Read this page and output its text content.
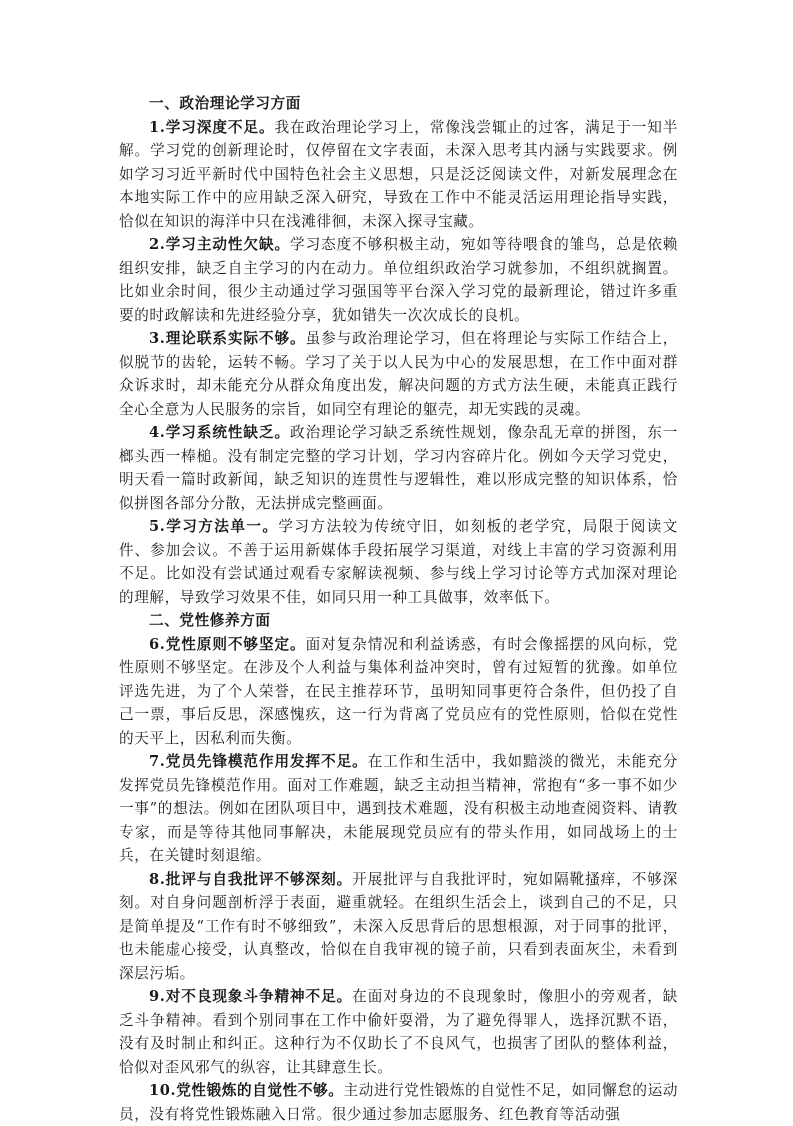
一、政治理论学习方面

1.学习深度不足。我在政治理论学习上，常像浅尝辄止的过客，满足于一知半解。学习党的创新理论时，仅停留在文字表面，未深入思考其内涵与实践要求。例如学习习近平新时代中国特色社会主义思想，只是泛泛阅读文件，对新发展理念在本地实际工作中的应用缺乏深入研究，导致在工作中不能灵活运用理论指导实践，恰似在知识的海洋中只在浅滩徘徊，未深入探寻宝藏。

2.学习主动性欠缺。学习态度不够积极主动，宛如等待喂食的雏鸟，总是依赖组织安排，缺乏自主学习的内在动力。单位组织政治学习就参加，不组织就搁置。比如业余时间，很少主动通过学习强国等平台深入学习党的最新理论，错过许多重要的时政解读和先进经验分享，犹如错失一次次成长的良机。

3.理论联系实际不够。虽参与政治理论学习，但在将理论与实际工作结合上，似脱节的齿轮，运转不畅。学习了关于以人民为中心的发展思想，在工作中面对群众诉求时，却未能充分从群众角度出发，解决问题的方式方法生硬，未能真正践行全心全意为人民服务的宗旨，如同空有理论的躯壳，却无实践的灵魂。

4.学习系统性缺乏。政治理论学习缺乏系统性规划，像杂乱无章的拼图，东一榔头西一棒槌。没有制定完整的学习计划，学习内容碎片化。例如今天学习党史，明天看一篇时政新闻，缺乏知识的连贯性与逻辑性，难以形成完整的知识体系，恰似拼图各部分分散，无法拼成完整画面。

5.学习方法单一。学习方法较为传统守旧，如刻板的老学究，局限于阅读文件、参加会议。不善于运用新媒体手段拓展学习渠道，对线上丰富的学习资源利用不足。比如没有尝试通过观看专家解读视频、参与线上学习讨论等方式加深对理论的理解，导致学习效果不佳，如同只用一种工具做事，效率低下。

二、党性修养方面

6.党性原则不够坚定。面对复杂情况和利益诱惑，有时会像摇摆的风向标，党性原则不够坚定。在涉及个人利益与集体利益冲突时，曾有过短暂的犹豫。如单位评选先进，为了个人荣誉，在民主推荐环节，虽明知同事更符合条件，但仍投了自己一票，事后反思，深感愧疚，这一行为背离了党员应有的党性原则，恰似在党性的天平上，因私利而失衡。

7.党员先锋模范作用发挥不足。在工作和生活中，我如黯淡的微光，未能充分发挥党员先锋模范作用。面对工作难题，缺乏主动担当精神，常抱有“多一事不如少一事”的想法。例如在团队项目中，遇到技术难题，没有积极主动地查阅资料、请教专家，而是等待其他同事解决，未能展现党员应有的带头作用，如同战场上的士兵，在关键时刻退缩。

8.批评与自我批评不够深刻。开展批评与自我批评时，宛如隔靴搔痒，不够深刻。对自身问题剖析浮于表面，避重就轻。在组织生活会上，谈到自己的不足，只是简单提及“工作有时不够细致”，未深入反思背后的思想根源，对于同事的批评，也未能虚心接受，认真整改，恰似在自我审视的镜子前，只看到表面灰尘，未看到深层污垢。

9.对不良现象斗争精神不足。在面对身边的不良现象时，像胆小的旁观者，缺乏斗争精神。看到个别同事在工作中偷奸耍滑，为了避免得罪人，选择沉默不语，没有及时制止和纠正。这种行为不仅助长了不良风气，也损害了团队的整体利益，恰似对歪风邪气的纵容，让其肆意生长。

10.党性锻炼的自觉性不够。主动进行党性锻炼的自觉性不足，如同懈怠的运动员，没有将党性锻炼融入日常。很少通过参加志愿服务、红色教育等活动强
